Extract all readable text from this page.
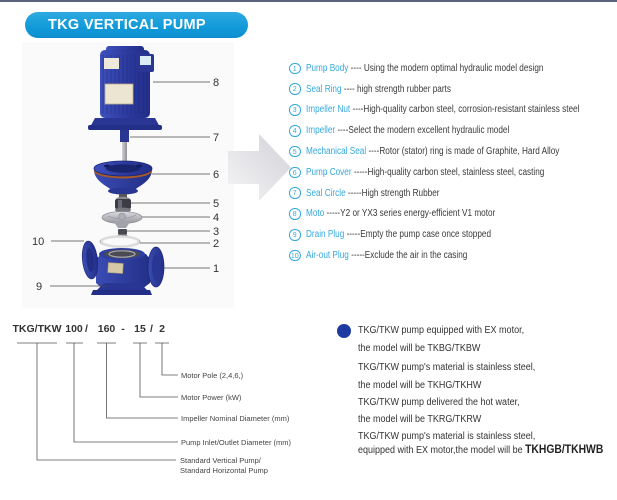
TKG VERTICAL PUMP
8
7
6
5
4
3
2
10
1
9
1 Pump Body ---- Using the modern optimal hydraulic model design
2 Seal Ring ---- high strength rubber parts
3 Impeller Nut ----High-quality carbon steel, corrosion-resistant stainless steel
4 Impeller ----Select the modern excellent hydraulic model
5 Mechanical Seal ----Rotor (stator) ring is made of Graphite, Hard Alloy
6 Pump Cover -----High-quality carbon steel, stainless steel, casting
7 Seal Circle -----High strength Rubber
8 Moto -----Y2 or YX3 series energy-efficient V1 motor
9 Drain Plug -----Empty the pump case once stopped
10 Air-out Plug -----Exclude the air in the casing
TKG/TKW 100 / 160 - 15 / 2
Motor Pole (2,4,6,)
Motor Power (kW)
Impeller Nominal Diameter (mm)
Pump Inlet/Outlet Diameter (mm)
Standard Vertical Pump/
Standard Horizontal Pump
TKG/TKW pump equipped with EX motor,
the model will be TKBG/TKBW
TKG/TKW pump's material is stainless steel,
the model will be TKHG/TKHW
TKG/TKW pump delivered the hot water,
the model will be TKRG/TKRW
TKG/TKW pump's material is stainless steel,
equipped with EX motor,the model will be TKHGB/TKHWB
